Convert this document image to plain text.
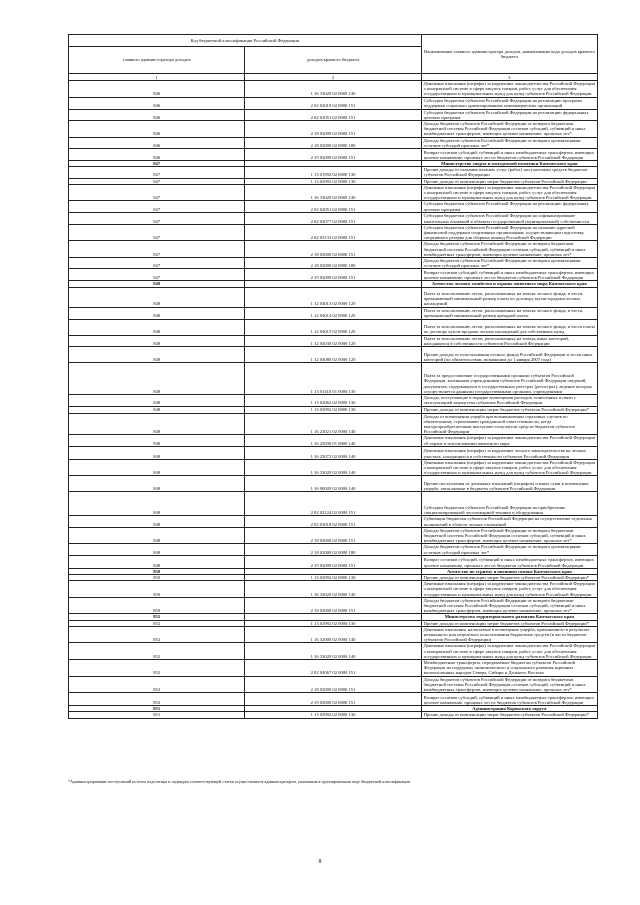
Код бюджетной классификации Российской Федерации		Наименование главного администратора доходов, наименование кода доходов краевого бюджета
главного админи-стратора доходов	доходов краевого бюджета	
1	2	3
846	1 16 33020 02 0000 140	Денежные взыскания (штрафы) за нарушение законодательства Российской Федерации о контрактной системе в сфере закупок товаров, работ, услуг для обеспечения государственных и муниципальных нужд для нужд субъектов Российской Федерации
846	2 02 02019 02 0000 151	Субсидии бюджетам субъектов Российской Федерации на реализацию программ поддержки социально ориентированных некоммерческих организаций
846	2 02 02051 02 0000 151	Субсидии бюджетам субъектов Российской Федерации на реализацию федеральных целевых программ
846	2 18 02000 02 0000 151	Доходы бюджетов субъектов Российской Федерации от возврата бюджетами бюджетной системы Российской Федерации остатков субсидий, субвенций и иных межбюджетных трансфертов, имеющих целевое назначение, прошлых лет*
846	2 18 02000 02 0000 180	Доходы бюджетов субъектов Российской Федерации от возврата организациями остатков субсидий прошлых лет*
846	2 19 02000 02 0000 151	Возврат остатков субсидий, субвенций и иных межбюджетных трансфертов, имеющих целевое назначение, прошлых лет из бюджетов субъектов Российской Федерации
847		Министерство спорта и молодежной политики Камчатского края
847	1 13 01992 02 0000 130	Прочие доходы от оказания платных услуг (работ) получателями средств бюджетов субъектов Российской Федерации
847	1 13 02992 02 0000 130	Прочие доходы от компенсации затрат бюджетов субъектов Российской Федерации
847	1 16 33020 02 0000 140	Денежные взыскания (штрафы) за нарушение законодательства Российской Федерации о контрактной системе в сфере закупок товаров, работ, услуг для обеспечения государственных и муниципальных нужд для нужд субъектов Российской Федерации
847	2 02 02051 02 0000 151	Субсидии бюджетам субъектов Российской Федерации на реализацию федеральных целевых программ
847	2 02 02077 02 0000 151	Субсидии бюджетам субъектов Российской Федерации на софинансирование капитальных вложений в объекты государственной (муниципальной) собственности
847	2 02 02133 02 0000 151	Субсидии бюджетам субъектов Российской Федерации на оказание адресной финансовой поддержки спортивным организациям, осуществляющим подготовку спортивного резерва для сборных команд Российской Федерации
847	2 18 02000 02 0000 151	Доходы бюджетов субъектов Российской Федерации от возврата бюджетами бюджетной системы Российской Федерации остатков субсидий, субвенций и иных межбюджетных трансфертов, имеющих целевое назначение, прошлых лет*
847	2 18 02000 02 0000 180	Доходы бюджетов субъектов Российской Федерации от возврата организациями остатков субсидий прошлых лет*
847	2 19 02000 02 0000 151	Возврат остатков субсидий, субвенций и иных межбюджетных трансфертов, имеющих целевое назначение, прошлых лет из бюджетов субъектов Российской Федерации
848		Агентство лесного хозяйства и охраны животного мира Камчатского края
848	1 12 04013 02 0000 120	Плата за использование лесов, расположенных на землях лесного фонда, в части, превышающей минимальный размер платы по договору купли-продажи лесных насаждений
848	1 12 04014 02 0000 120	Плата за использование лесов, расположенных на землях лесного фонда, в части, превышающей минимальный размер арендной платы
848	1 12 04015 02 0000 120	Плата за использование лесов, расположенных на землях лесного фонда, в части платы по договору купли-продажи лесных насаждений для собственных нужд
848	1 12 04030 02 0000 120	Плата за использование лесов, расположенных на землях иных категорий, находящихся в собственности субъектов Российской Федерации
848	1 12 04080 02 0000 120	Прочие доходы от использования лесного фонда Российской Федерации и лесов иных категорий (по обязательствам, возникшим до 1 января 2007 года)
848	1 13 01410 01 0000 130	Плата за предоставление государственными органами субъектов Российской Федерации, казенными учреждениями субъектов Российской Федерации сведений, документов, содержащихся в государственных реестрах (регистрах), ведение которых осуществляется данными государственными органами, учреждениями
848	1 13 02062 02 0000 130	Доходы, поступающие в порядке возмещения расходов, понесенных в связи с эксплуатацией имущества субъектов Российской Федерации
848	1 13 02992 02 0000 130	Прочие доходы от компенсации затрат бюджетов субъектов Российской Федерации*
848	1 16 23021 02 0000 140	Доходы от возмещения ущерба при возникновении страховых случаев по обязательному страхованию гражданской ответственности, когда выгодоприобретателями выступают получатели средств бюджетов субъектов Российской Федерации
848	1 16 25030 01 0000 140	Денежные взыскания (штрафы) за нарушение законодательства Российской Федерации об охране и использовании животного мира
848	1 16 25072 02 0000 140	Денежные взыскания (штрафы) за нарушение лесного законодательства на лесных участках, находящихся в собственности субъектов Российской Федерации
848	1 16 33020 02 0000 140	Денежные взыскания (штрафы) за нарушение законодательства Российской Федерации о контрактной системе в сфере закупок товаров, работ, услуг для обеспечения государственных и муниципальных нужд для нужд субъектов Российской Федерации
848	1 16 90020 02 0000 140	Прочие поступления от денежных взысканий (штрафов) и иных сумм в возмещение ущерба, зачисляемые в бюджеты субъектов Российской Федерации
848	2 02 02124 02 0000 151	Субсидии бюджетам субъектов Российской Федерации на приобретение специализированной лесопожарной техники и оборудования
848	2 02 03018 02 0000 151	Субвенции бюджетам субъектов Российской Федерации на осуществление отдельных полномочий в области лесных отношений
848	2 18 02000 02 0000 151	Доходы бюджетов субъектов Российской Федерации от возврата бюджетами бюджетной системы Российской Федерации остатков субсидий, субвенций и иных межбюджетных трансфертов, имеющих целевое назначение, прошлых лет*
848	2 18 02000 02 0000 180	Доходы бюджетов субъектов Российской Федерации от возврата организациями остатков субсидий прошлых лет*
848	2 19 02000 02 0000 151	Возврат остатков субсидий, субвенций и иных межбюджетных трансфертов, имеющих целевое назначение, прошлых лет из бюджетов субъектов Российской Федерации
850		Агентство по туризму и внешним связям Камчатского края
850	1 13 02992 02 0000 130	Прочие доходы от компенсации затрат бюджетов субъектов Российской Федерации*
850	1 16 33020 02 0000 140	Денежные взыскания (штрафы) за нарушение законодательства Российской Федерации о контрактной системе в сфере закупок товаров, работ, услуг для обеспечения государственных и муниципальных нужд для нужд субъектов Российской Федерации
850	2 18 02000 02 0000 151	Доходы бюджетов субъектов Российской Федерации от возврата бюджетами бюджетной системы Российской Федерации остатков субсидий, субвенций и иных межбюджетных трансфертов, имеющих целевое назначение, прошлых лет*
852		Министерство территориального развития Камчатского края
852	1 13 02992 02 0000 130	Прочие доходы от компенсации затрат бюджетов субъектов Российской Федерации*
852	1 16 32000 02 0000 140	Денежные взыскания, налагаемые в возмещение ущерба, причиненного в результате незаконного или нецелевого использования бюджетных средств (в части бюджетов субъектов Российской Федерации)
852	1 16 33020 02 0000 140	Денежные взыскания (штрафы) за нарушение законодательства Российской Федерации о контрактной системе в сфере закупок товаров, работ, услуг для обеспечения государственных и муниципальных нужд для нужд субъектов Российской Федерации
852	2 02 04067 02 0000 151	Межбюджетные трансферты, передаваемые бюджетам субъектов Российской Федерации на поддержку экономического и социального развития коренных малочисленных народов Севера, Сибири и Дальнего Востока
852	2 18 02000 02 0000 151	Доходы бюджетов субъектов Российской Федерации от возврата бюджетами бюджетной системы Российской Федерации остатков субсидий, субвенций и иных межбюджетных трансфертов, имеющих целевое назначение, прошлых лет*
852	2 19 02000 02 0000 151	Возврат остатков субсидий, субвенций и иных межбюджетных трансфертов, имеющих целевое назначение, прошлых лет из бюджетов субъектов Российской Федерации
851		Администрация Корякского округа
851	1 13 02992 02 0000 130	Прочие доходы от компенсации затрат бюджетов субъектов Российской Федерации*
*Администрирование поступлений по всем подстатьям и подвидам соответствующей статьи осуществляется администратором, указанным в группировочном коде бюджетной классификации
8
